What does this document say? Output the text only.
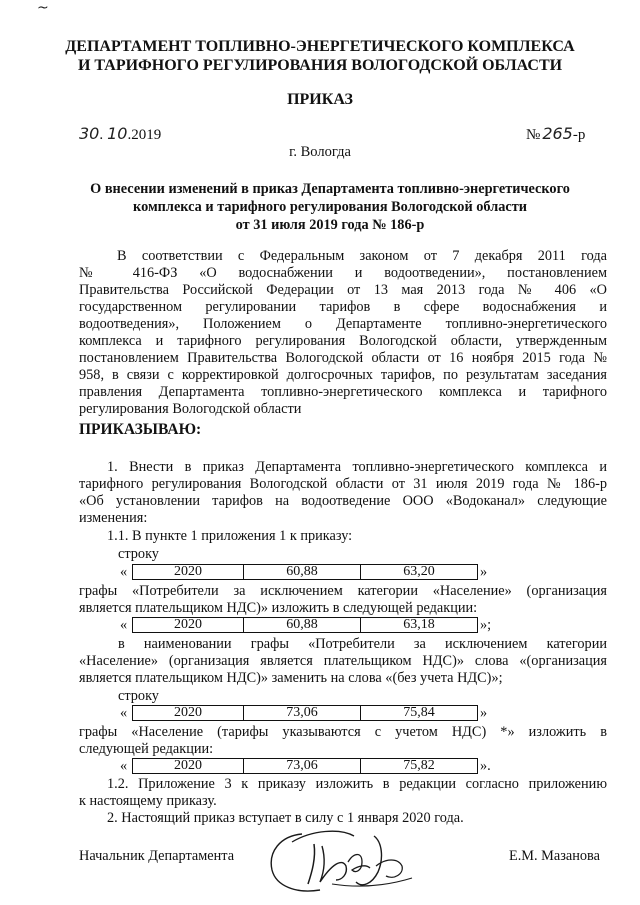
~
ДЕПАРТАМЕНТ ТОПЛИВНО-ЭНЕРГЕТИЧЕСКОГО КОМПЛЕКСА
И ТАРИФНОГО РЕГУЛИРОВАНИЯ ВОЛОГОДСКОЙ ОБЛАСТИ
ПРИКАЗ
30. 10.2019	№ 265-р
г. Вологда
О внесении изменений в приказ Департамента топливно-энергетического
комплекса и тарифного регулирования Вологодской области
от 31 июля 2019 года № 186-р
В соответствии с Федеральным законом от 7 декабря 2011 года
№ 416-ФЗ «О водоснабжении и водоотведении», постановлением
Правительства Российской Федерации от 13 мая 2013 года № 406 «О
государственном регулировании тарифов в сфере водоснабжения и
водоотведения», Положением о Департаменте топливно-энергетического
комплекса и тарифного регулирования Вологодской области, утвержденным
постановлением Правительства Вологодской области от 16 ноября 2015 года №
958, в связи с корректировкой долгосрочных тарифов, по результатам заседания
правления Департамента топливно-энергетического комплекса и тарифного
регулирования Вологодской области
ПРИКАЗЫВАЮ:
1. Внести в приказ Департамента топливно-энергетического комплекса и
тарифного регулирования Вологодской области от 31 июля 2019 года № 186-р
«Об установлении тарифов на водоотведение ООО «Водоканал» следующие
изменения:
1.1. В пункте 1 приложения 1 к приказу:
строку
«	2020	60,88	63,20	»
графы «Потребители за исключением категории «Население» (организация
является плательщиком НДС)» изложить в следующей редакции:
«	2020	60,88	63,18	»;
в наименовании графы «Потребители за исключением категории
«Население» (организация является плательщиком НДС)» слова «(организация
является плательщиком НДС)» заменить на слова «(без учета НДС)»;
строку
«	2020	73,06	75,84	»
графы «Население (тарифы указываются с учетом НДС) *» изложить в
следующей редакции:
«	2020	73,06	75,82	».
1.2. Приложение 3 к приказу изложить в редакции согласно приложению
к настоящему приказу.
2. Настоящий приказ вступает в силу с 1 января 2020 года.
Начальник Департамента	Е.М. Мазанова
